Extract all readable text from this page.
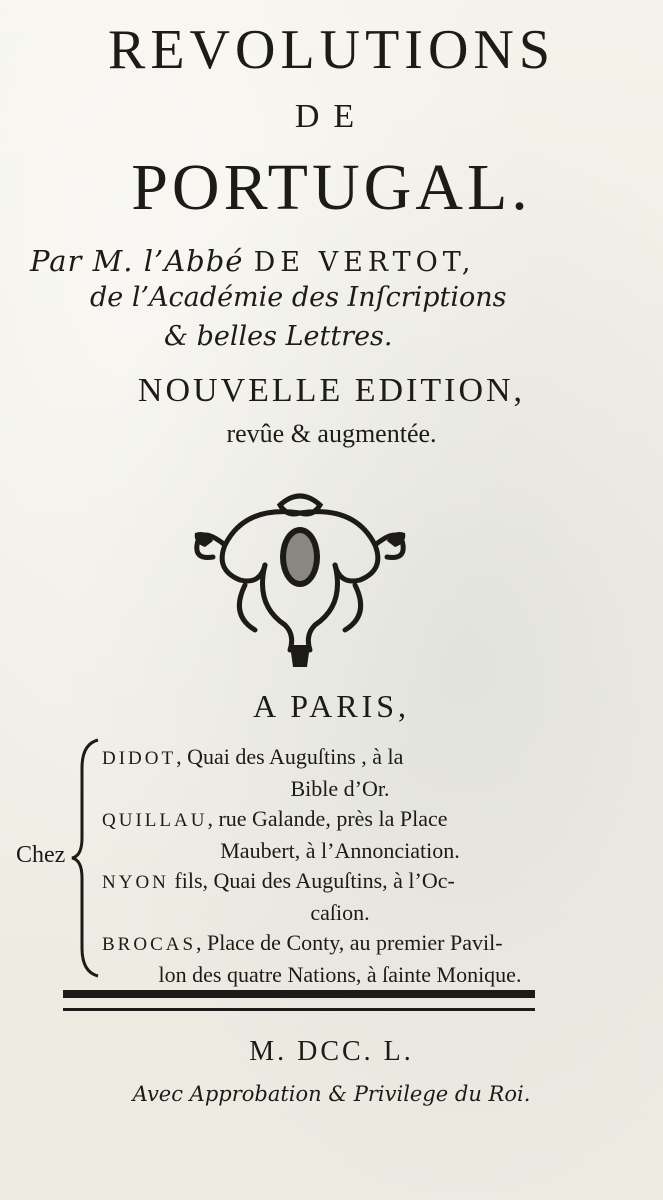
REVOLUTIONS
DE
PORTUGAL.
Par M. l’Abbé DE VERTOT,
de l’Académie des Inſcriptions
& belles Lettres.
NOUVELLE EDITION,
revûe & augmentée.
A PARIS,
Chez
DIDOT, Quai des Auguſtins , à la
Bible d’Or.
QUILLAU, rue Galande, près la Place
Maubert, à l’Annonciation.
NYON fils, Quai des Auguſtins, à l’Oc-
caſion.
BROCAS, Place de Conty, au premier Pavil-
lon des quatre Nations, à ſainte Monique.
M. DCC. L.
Avec Approbation & Privilege du Roi.
